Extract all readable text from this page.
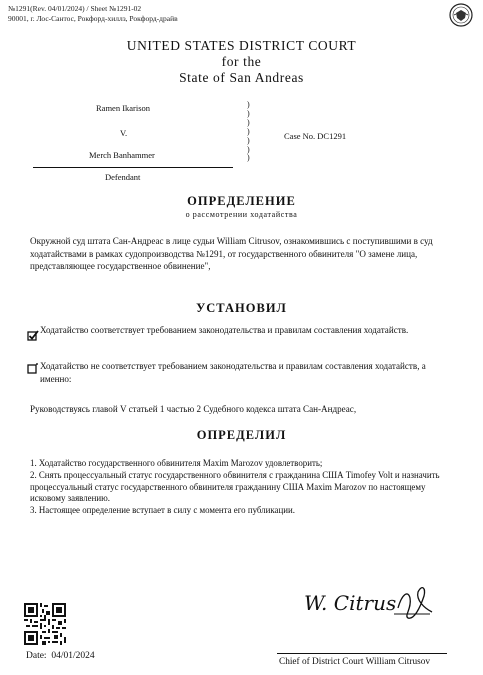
№1291(Rev. 04/01/2024) / Sheet №1291-02
90001, г. Лос-Сантос, Рокфорд-хиллз, Рокфорд-драйв
UNITED STATES DISTRICT COURT
for the
State of San Andreas
Ramen Ikarison
V.
Merch Banhammer
Defendant
)
)
)
)
)
)
)
Case No. DC1291
ОПРЕДЕЛЕНИЕ
о рассмотрении ходатайства
Окружной суд штата Сан-Андреас в лице судьи William Citrusov, ознакомившись с поступившими в суд ходатайствами в рамках судопроизводства №1291, от государственного обвинителя "О замене лица, представляющее государственное обвинение",
УСТАНОВИЛ
Ходатайство соответствует требованием законодательства и правилам составления ходатайств.
Ходатайство не соответствует требованием законодательства и правилам составления ходатайств, а именно:
Руководствуясь главой V статьей 1 частью 2 Судебного кодекса штата Сан-Андреас,
ОПРЕДЕЛИЛ
1. Ходатайство государственного обвинителя Maxim Marozov удовлетворить;
2. Снять процессуальный статус государственного обвинителя с гражданина США Timofey Volt и назначить процессуальный статус государственного обвинителя гражданину США Maxim Marozov по настоящему исковому заявлению.
3. Настоящее определение вступает в силу с момента его публикации.
Date:  04/01/2024
W. Citrus
Chief of District Court William Citrusov
